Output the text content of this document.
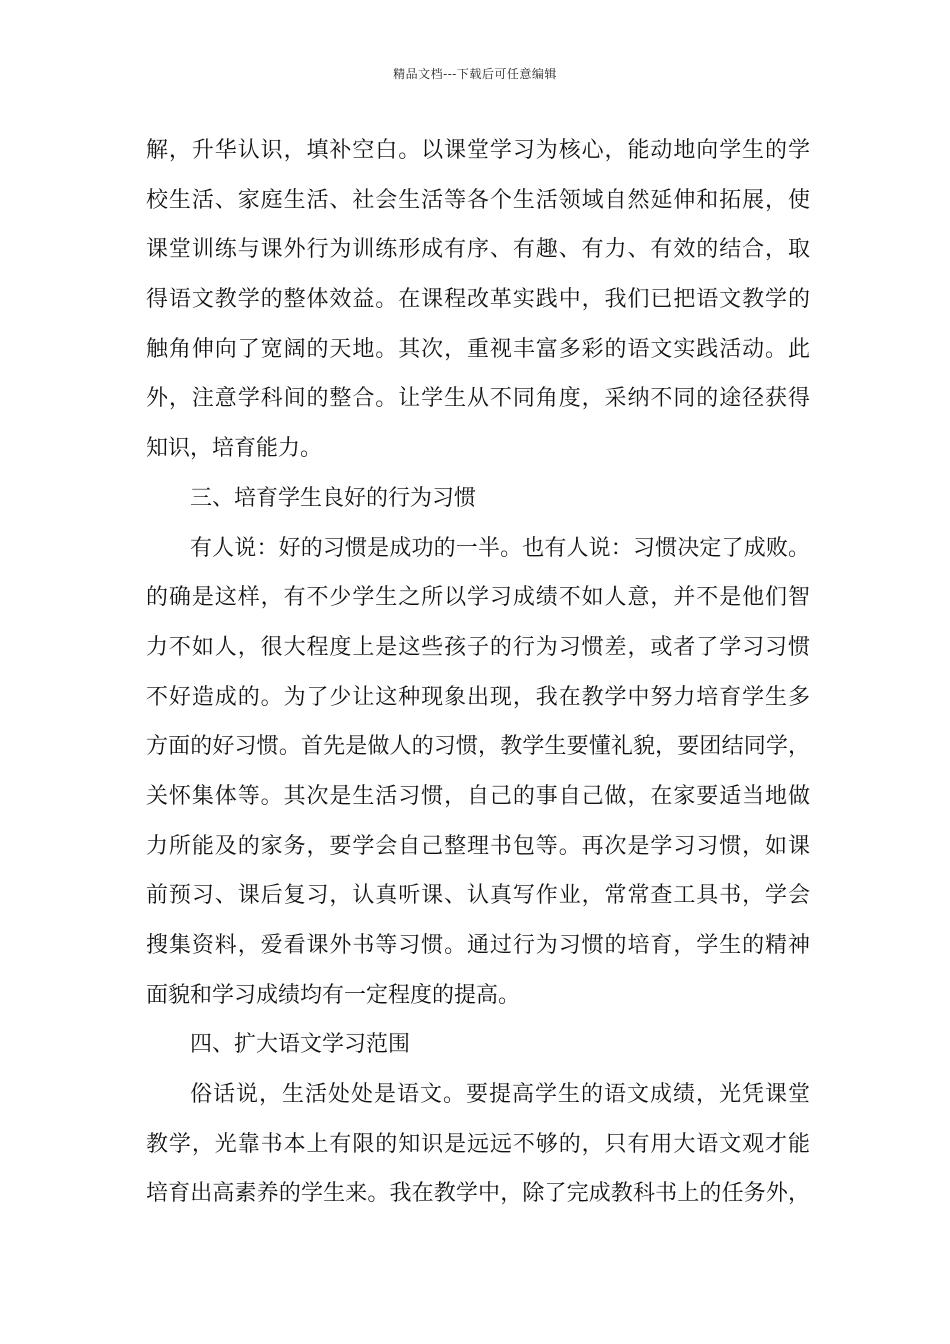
精品文档---下载后可任意编辑
解，升华认识，填补空白。以课堂学习为核心，能动地向学生的学
校生活、家庭生活、社会生活等各个生活领域自然延伸和拓展，使
课堂训练与课外行为训练形成有序、有趣、有力、有效的结合，取
得语文教学的整体效益。在课程改革实践中，我们已把语文教学的
触角伸向了宽阔的天地。其次，重视丰富多彩的语文实践活动。此
外，注意学科间的整合。让学生从不同角度，采纳不同的途径获得
知识，培育能力。
三、培育学生良好的行为习惯
有人说：好的习惯是成功的一半。也有人说：习惯决定了成败。
的确是这样，有不少学生之所以学习成绩不如人意，并不是他们智
力不如人，很大程度上是这些孩子的行为习惯差，或者了学习习惯
不好造成的。为了少让这种现象出现，我在教学中努力培育学生多
方面的好习惯。首先是做人的习惯，教学生要懂礼貌，要团结同学，
关怀集体等。其次是生活习惯，自己的事自己做，在家要适当地做
力所能及的家务，要学会自己整理书包等。再次是学习习惯，如课
前预习、课后复习，认真听课、认真写作业，常常查工具书，学会
搜集资料，爱看课外书等习惯。通过行为习惯的培育，学生的精神
面貌和学习成绩均有一定程度的提高。
四、扩大语文学习范围
俗话说，生活处处是语文。要提高学生的语文成绩，光凭课堂
教学，光靠书本上有限的知识是远远不够的，只有用大语文观才能
培育出高素养的学生来。我在教学中，除了完成教科书上的任务外，
